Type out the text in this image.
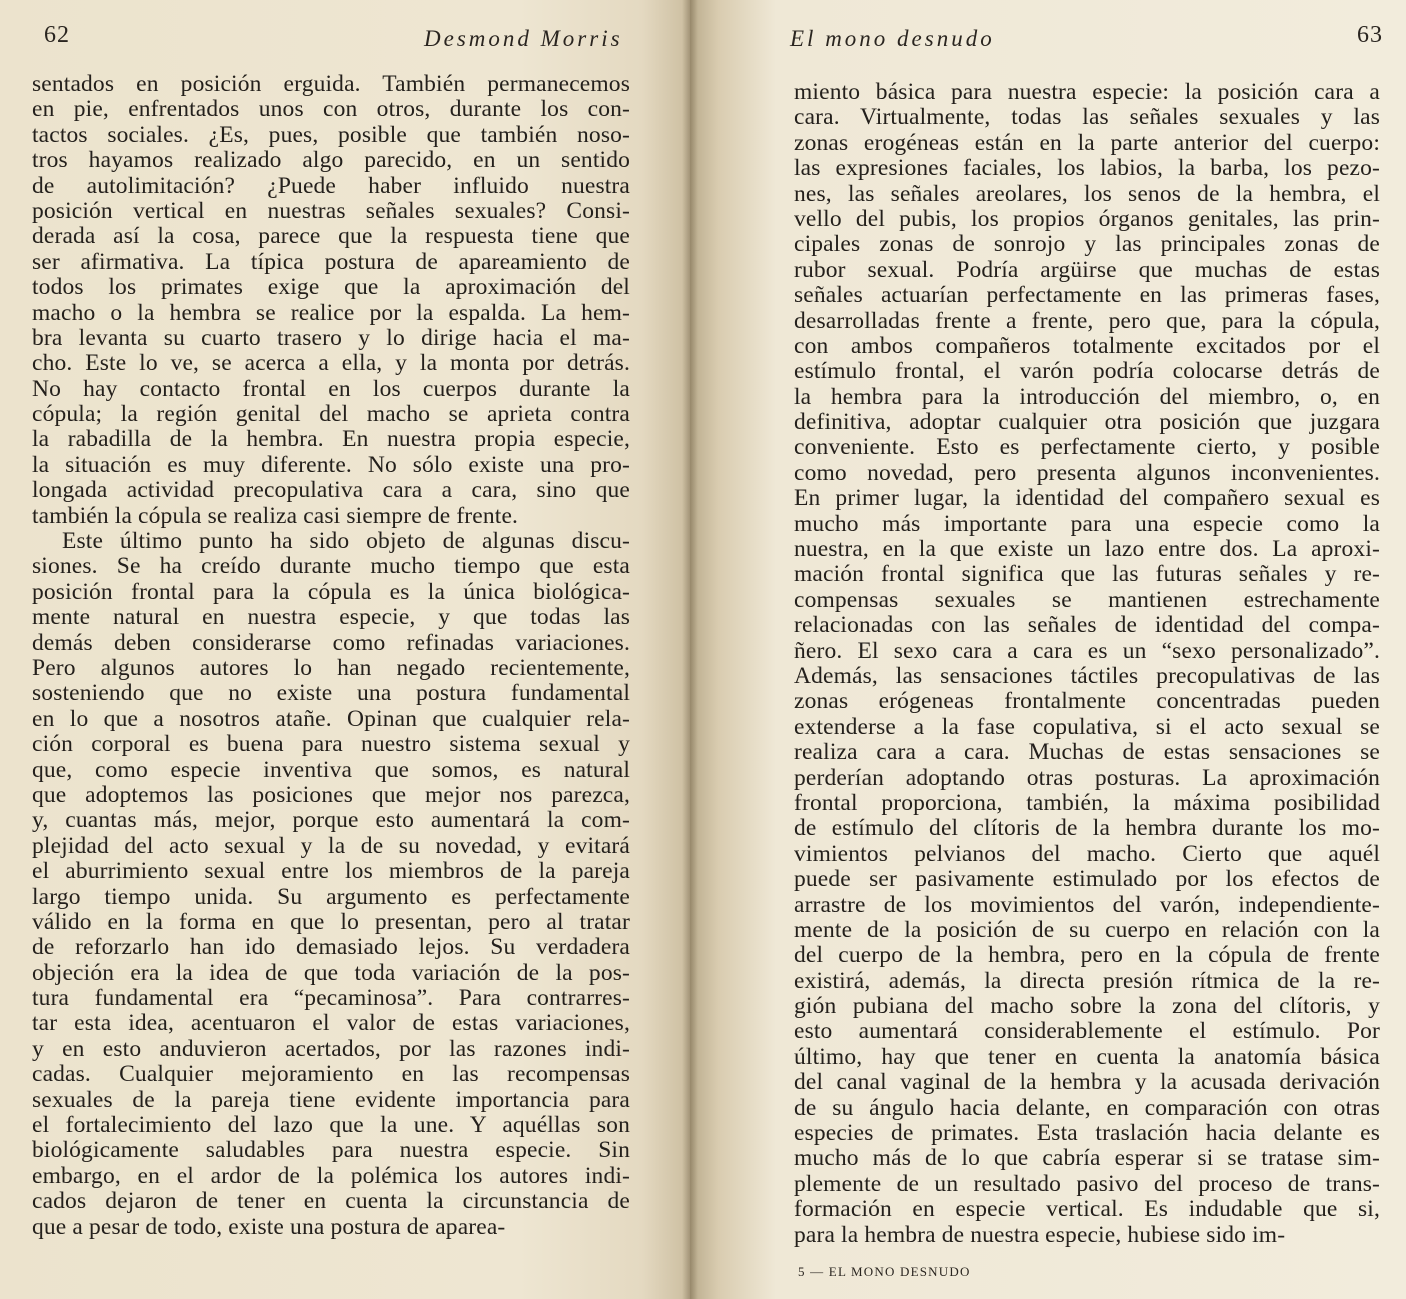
62	Desmond Morris
sentados en posición erguida. También permanecemos
en pie, enfrentados unos con otros, durante los con-
tactos sociales. ¿Es, pues, posible que también noso-
tros hayamos realizado algo parecido, en un sentido
de autolimitación? ¿Puede haber influido nuestra
posición vertical en nuestras señales sexuales? Consi-
derada así la cosa, parece que la respuesta tiene que
ser afirmativa. La típica postura de apareamiento de
todos los primates exige que la aproximación del
macho o la hembra se realice por la espalda. La hem-
bra levanta su cuarto trasero y lo dirige hacia el ma-
cho. Este lo ve, se acerca a ella, y la monta por detrás.
No hay contacto frontal en los cuerpos durante la
cópula; la región genital del macho se aprieta contra
la rabadilla de la hembra. En nuestra propia especie,
la situación es muy diferente. No sólo existe una pro-
longada actividad precopulativa cara a cara, sino que
también la cópula se realiza casi siempre de frente.
Este último punto ha sido objeto de algunas discu-
siones. Se ha creído durante mucho tiempo que esta
posición frontal para la cópula es la única biológica-
mente natural en nuestra especie, y que todas las
demás deben considerarse como refinadas variaciones.
Pero algunos autores lo han negado recientemente,
sosteniendo que no existe una postura fundamental
en lo que a nosotros atañe. Opinan que cualquier rela-
ción corporal es buena para nuestro sistema sexual y
que, como especie inventiva que somos, es natural
que adoptemos las posiciones que mejor nos parezca,
y, cuantas más, mejor, porque esto aumentará la com-
plejidad del acto sexual y la de su novedad, y evitará
el aburrimiento sexual entre los miembros de la pareja
largo tiempo unida. Su argumento es perfectamente
válido en la forma en que lo presentan, pero al tratar
de reforzarlo han ido demasiado lejos. Su verdadera
objeción era la idea de que toda variación de la pos-
tura fundamental era “pecaminosa”. Para contrarres-
tar esta idea, acentuaron el valor de estas variaciones,
y en esto anduvieron acertados, por las razones indi-
cadas. Cualquier mejoramiento en las recompensas
sexuales de la pareja tiene evidente importancia para
el fortalecimiento del lazo que la une. Y aquéllas son
biológicamente saludables para nuestra especie. Sin
embargo, en el ardor de la polémica los autores indi-
cados dejaron de tener en cuenta la circunstancia de
que a pesar de todo, existe una postura de aparea-
El mono desnudo	63
miento básica para nuestra especie: la posición cara a
cara. Virtualmente, todas las señales sexuales y las
zonas erogéneas están en la parte anterior del cuerpo:
las expresiones faciales, los labios, la barba, los pezo-
nes, las señales areolares, los senos de la hembra, el
vello del pubis, los propios órganos genitales, las prin-
cipales zonas de sonrojo y las principales zonas de
rubor sexual. Podría argüirse que muchas de estas
señales actuarían perfectamente en las primeras fases,
desarrolladas frente a frente, pero que, para la cópula,
con ambos compañeros totalmente excitados por el
estímulo frontal, el varón podría colocarse detrás de
la hembra para la introducción del miembro, o, en
definitiva, adoptar cualquier otra posición que juzgara
conveniente. Esto es perfectamente cierto, y posible
como novedad, pero presenta algunos inconvenientes.
En primer lugar, la identidad del compañero sexual es
mucho más importante para una especie como la
nuestra, en la que existe un lazo entre dos. La aproxi-
mación frontal significa que las futuras señales y re-
compensas sexuales se mantienen estrechamente
relacionadas con las señales de identidad del compa-
ñero. El sexo cara a cara es un “sexo personalizado”.
Además, las sensaciones táctiles precopulativas de las
zonas erógeneas frontalmente concentradas pueden
extenderse a la fase copulativa, si el acto sexual se
realiza cara a cara. Muchas de estas sensaciones se
perderían adoptando otras posturas. La aproximación
frontal proporciona, también, la máxima posibilidad
de estímulo del clítoris de la hembra durante los mo-
vimientos pelvianos del macho. Cierto que aquél
puede ser pasivamente estimulado por los efectos de
arrastre de los movimientos del varón, independiente-
mente de la posición de su cuerpo en relación con la
del cuerpo de la hembra, pero en la cópula de frente
existirá, además, la directa presión rítmica de la re-
gión pubiana del macho sobre la zona del clítoris, y
esto aumentará considerablemente el estímulo. Por
último, hay que tener en cuenta la anatomía básica
del canal vaginal de la hembra y la acusada derivación
de su ángulo hacia delante, en comparación con otras
especies de primates. Esta traslación hacia delante es
mucho más de lo que cabría esperar si se tratase sim-
plemente de un resultado pasivo del proceso de trans-
formación en especie vertical. Es indudable que si,
para la hembra de nuestra especie, hubiese sido im-
5 — EL MONO DESNUDO
